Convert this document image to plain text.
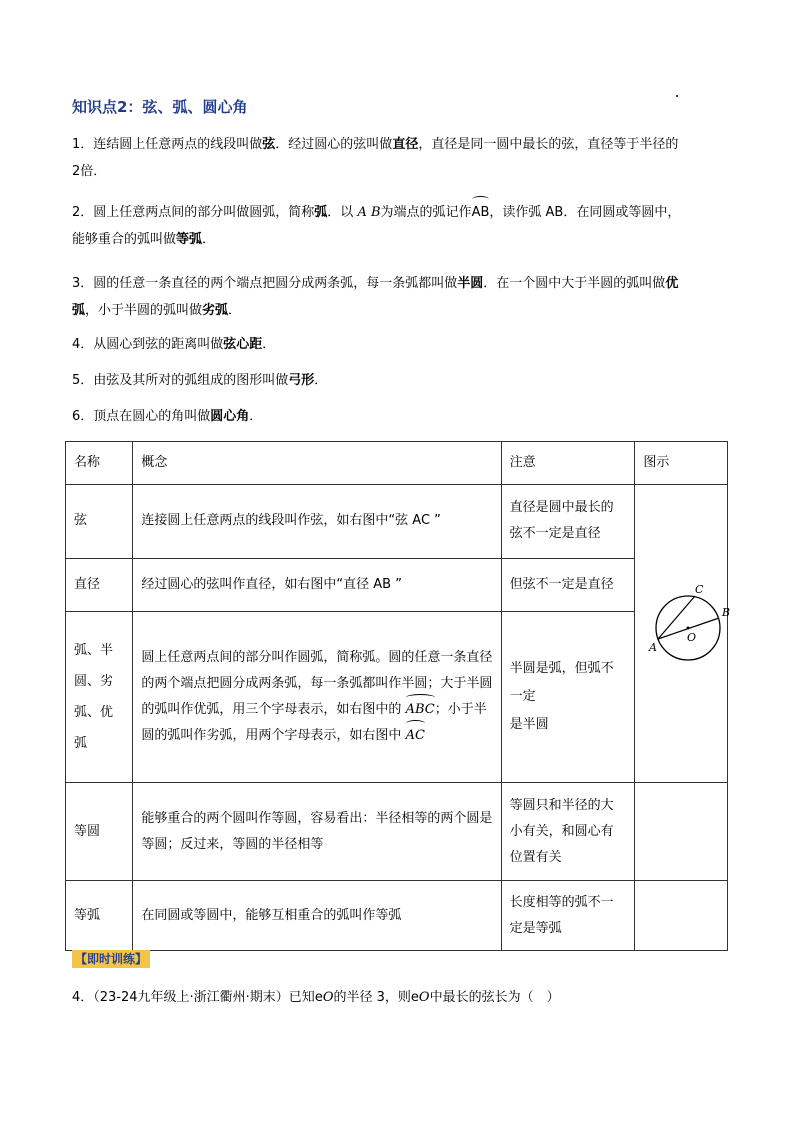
知识点2：弦、弧、圆心角
1．连结圆上任意两点的线段叫做弦．经过圆心的弦叫做直径，直径是同一圆中最长的弦，直径等于半径的
2倍．
2．圆上任意两点间的部分叫做圆弧，简称弧．以 A B为端点的弧记作AB，读作弧 AB．在同圆或等圆中，
能够重合的弧叫做等弧．
3．圆的任意一条直径的两个端点把圆分成两条弧，每一条弧都叫做半圆．在一个圆中大于半圆的弧叫做优
弧，小于半圆的弧叫做劣弧．
4．从圆心到弦的距离叫做弦心距．
5．由弦及其所对的弧组成的图形叫做弓形．
6．顶点在圆心的角叫做圆心角．
名称	概念	注意	图示
弦	连接圆上任意两点的线段叫作弦，如右图中“弦 AC ”	直径是圆中最长的弦不一定是直径	C
B
A
O

直径	经过圆心的弦叫作直径，如右图中“直径 AB ”	但弦不一定是直径	
弧、半圆、劣弧、优弧	圆上任意两点间的部分叫作圆弧，简称弧。圆的任意一条直径的两个端点把圆分成两条弧，每一条弧都叫作半圆；大于半圆的弧叫作优弧，用三个字母表示，如右图中的 ABC；小于半圆的弧叫作劣弧，用两个字母表示，如右图中 AC	半圆是弧，但弧不一定
是半圆	
等圆	能够重合的两个圆叫作等圆，容易看出：半径相等的两个圆是等圆；反过来，等圆的半径相等	等圆只和半径的大小有关，和圆心有位置有关	
等弧	在同圆或等圆中，能够互相重合的弧叫作等弧	长度相等的弧不一定是等弧	
【即时训练】
4．（23-24九年级上·浙江衢州·期末）已知eO的半径 3，则eO中最长的弦长为（　）
